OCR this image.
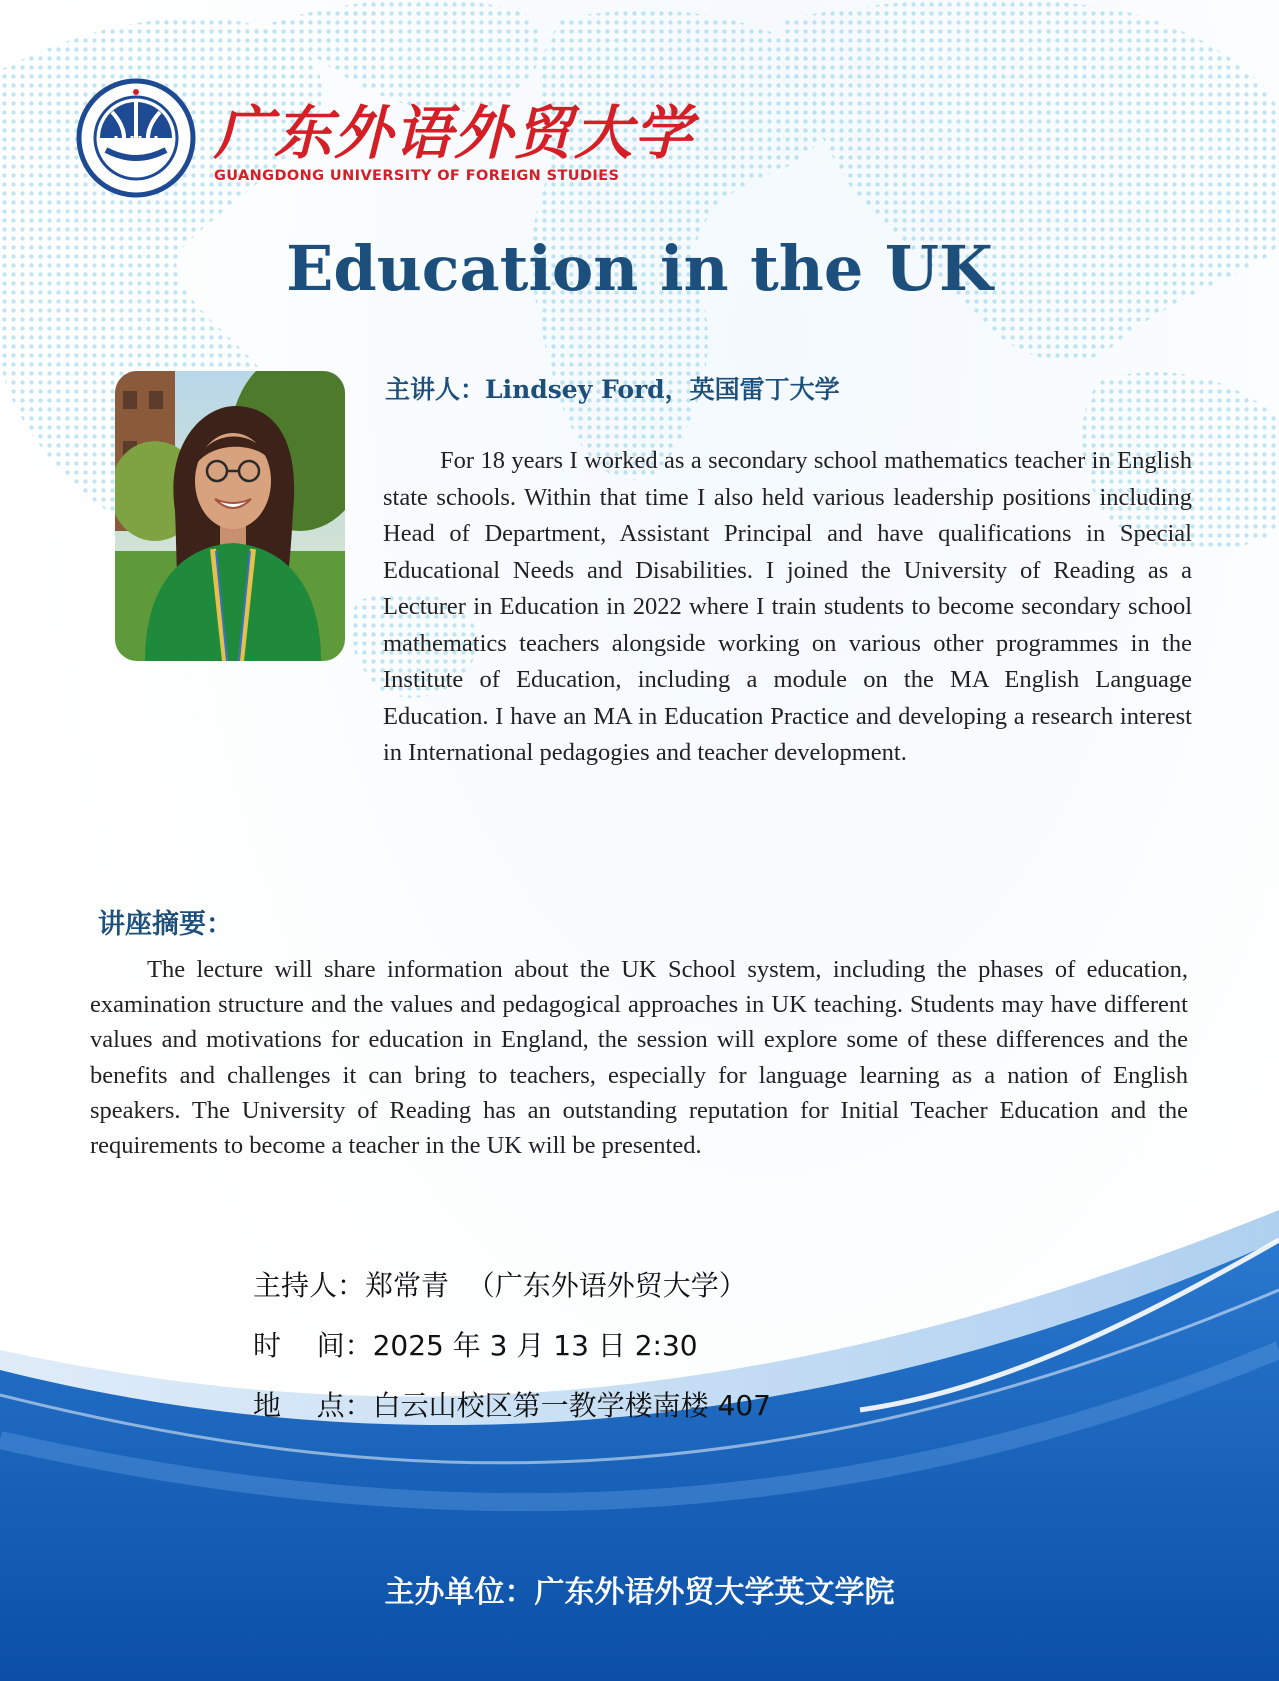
广东外语外贸大学
GUANGDONG UNIVERSITY OF FOREIGN STUDIES
Education in the UK
主讲人：Lindsey Ford，英国雷丁大学

For 18 years I worked as a secondary school mathematics teacher in English state schools. Within that time I also held various leadership positions including Head of Department, Assistant Principal and have qualifications in Special Educational Needs and Disabilities. I joined the University of Reading as a Lecturer in Education in 2022 where I train students to become secondary school mathematics teachers alongside working on various other programmes in the Institute of Education, including a module on the MA English Language Education. I have an MA in Education Practice and developing a research interest in International pedagogies and teacher development.

讲座摘要：

The lecture will share information about the UK School system, including the phases of education, examination structure and the values and pedagogical approaches in UK teaching. Students may have different values and motivations for education in England, the session will explore some of these differences and the benefits and challenges it can bring to teachers, especially for language learning as a nation of English speakers. The University of Reading has an outstanding reputation for Initial Teacher Education and the requirements to become a teacher in the UK will be presented.

主持人：郑常青  （广东外语外贸大学）
时    间：2025 年 3 月 13 日 2:30
地    点：白云山校区第一教学楼南楼 407
主办单位：广东外语外贸大学英文学院
